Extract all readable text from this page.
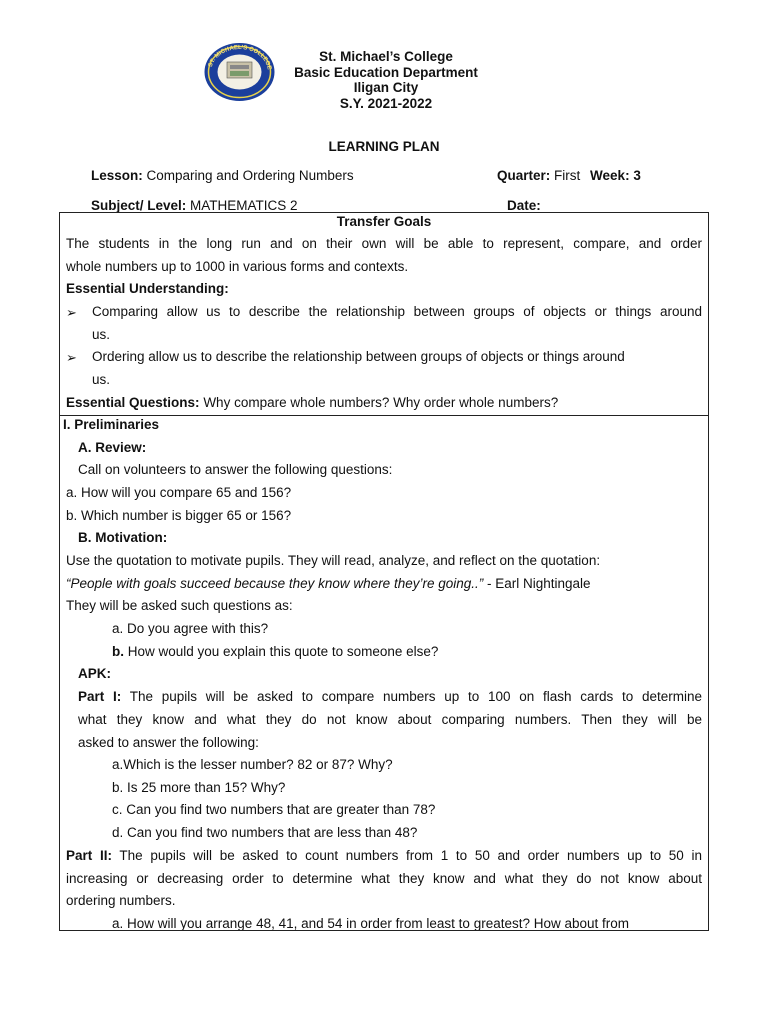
ST. MICHAEL'S COLLEGE
St. Michael’s College
Basic Education Department
Iligan City
S.Y. 2021-2022
LEARNING PLAN
Lesson: Comparing and Ordering Numbers	Quarter: First Week: 3
Subject/ Level: MATHEMATICS 2	Date:
Transfer Goals
The students in the long run and on their own will be able to represent, compare, and order
whole numbers up to 1000 in various forms and contexts.
Essential Understanding:
➢ Comparing allow us to describe the relationship between groups of objects or things around
us.
➢ Ordering allow us to describe the relationship between groups of objects or things around
us.
Essential Questions: Why compare whole numbers? Why order whole numbers?
I. Preliminaries
A. Review:
Call on volunteers to answer the following questions:
a. How will you compare 65 and 156?
b. Which number is bigger 65 or 156?
B. Motivation:
Use the quotation to motivate pupils. They will read, analyze, and reflect on the quotation:
“People with goals succeed because they know where they’re going..” - Earl Nightingale
They will be asked such questions as:
a. Do you agree with this?
b. How would you explain this quote to someone else?
APK:
Part I: The pupils will be asked to compare numbers up to 100 on flash cards to determine
what they know and what they do not know about comparing numbers. Then they will be
asked to answer the following:
a.Which is the lesser number? 82 or 87? Why?
b. Is 25 more than 15? Why?
c. Can you find two numbers that are greater than 78?
d. Can you find two numbers that are less than 48?
Part II: The pupils will be asked to count numbers from 1 to 50 and order numbers up to 50 in
increasing or decreasing order to determine what they know and what they do not know about
ordering numbers.
a. How will you arrange 48, 41, and 54 in order from least to greatest? How about from
